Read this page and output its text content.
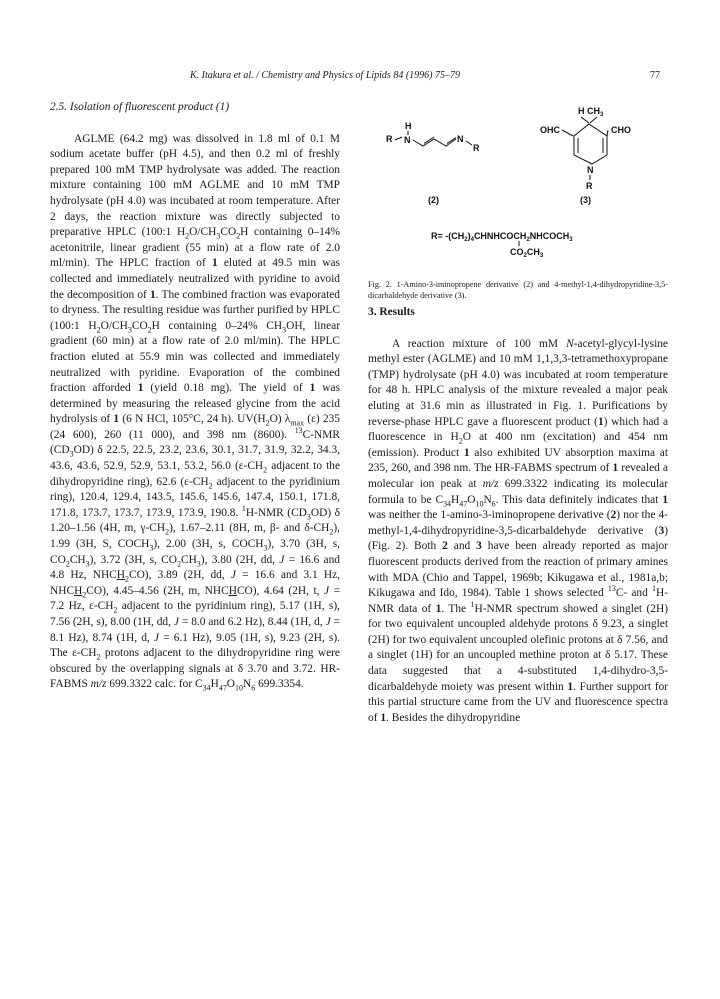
K. Itakura et al. / Chemistry and Physics of Lipids 84 (1996) 75–79	77

2.5. Isolation of fluorescent product (1)

AGLME (64.2 mg) was dissolved in 1.8 ml of 0.1 M sodium acetate buffer (pH 4.5), and then 0.2 ml of freshly prepared 100 mM TMP hydrolysate was added. The reaction mixture containing 100 mM AGLME and 10 mM TMP hydrolysate (pH 4.0) was incubated at room temperature. After 2 days, the reaction mixture was directly subjected to preparative HPLC (100:1 $H_2O/CH_3CO_2H$ containing 0–14% acetonitrile, linear gradient (55 min) at a flow rate of 2.0 ml/min). The HPLC fraction of 1 eluted at 49.5 min was collected and immediately neutralized with pyridine to avoid the decomposition of 1. The combined fraction was evaporated to dryness. The resulting residue was further purified by HPLC (100:1 $H_2O/CH_3CO_2H$ containing 0–24% $CH_3OH$, linear gradient (60 min) at a flow rate of 2.0 ml/min). The HPLC fraction eluted at 55.9 min was collected and immediately neutralized with pyridine. Evaporation of the combined fraction afforded 1 (yield 0.18 mg). The yield of 1 was determined by measuring the released glycine from the acid hydrolysis of 1 (6 N HCl, 105°C, 24 h). $UV(H_2O)$ $\lambda_{max}$ (ε) 235 (24 600), 260 (11 000), and 398 nm (8600). $^{13}$C-NMR $(CD_3OD)$ δ 22.5, 22.5, 23.2, 23.6, 30.1, 31.7, 31.9, 32.2, 34.3, 43.6, 43.6, 52.9, 52.9, 53.1, 53.2, 56.0 ($\varepsilon-CH_2$ adjacent to the dihydropyridine ring), 62.6 ($\varepsilon-CH_2$ adjacent to the pyridinium ring), 120.4, 129.4, 143.5, 145.6, 145.6, 147.4, 150.1, 171.8, 171.8, 173.7, 173.7, 173.9, 173.9, 190.8. $^1$H-NMR $(CD_3OD)$ δ 1.20–1.56 (4H, m, $\gamma-CH_2$), 1.67–2.11 (8H, m, β- and $\delta-CH_2$), 1.99 (3H, S, $COCH_3$), 2.00 (3H, s, $COCH_3$), 3.70 (3H, s, $CO_2CH_3$), 3.72 (3H, s, $CO_2CH_3$), 3.80 (2H, dd, J = 16.6 and 4.8 Hz, $NHCH_2CO$), 3.89 (2H, dd, J = 16.6 and 3.1 Hz, $NHCH_2CO$), 4.45–4.56 (2H, m, NHCHCO), 4.64 (2H, t, J = 7.2 Hz, $\varepsilon-CH_2$ adjacent to the pyridinium ring), 5.17 (1H, s), 7.56 (2H, s), 8.00 (1H, dd, J = 8.0 and 6.2 Hz), 8.44 (1H, d, J = 8.1 Hz), 8.74 (1H, d, J = 6.1 Hz), 9.05 (1H, s), 9.23 (2H, s). The $\varepsilon-CH_2$ protons adjacent to the dihydropyridine ring were obscured by the overlapping signals at δ 3.70 and 3.72. HR-FABMS m/z 699.3322 calc. for $C_{34}H_{47}O_{10}N_6$ 699.3354.

H
R N	N
R
(2)
H $CH_3$
OHC	CHO
N
R
(3)
$R= -(CH_2)_4CHNHCOCH_2NHCOCH_3$
$CO_2CH_3$
Fig. 2. 1-Amino-3-iminopropene derivative (2) and 4-methyl-1,4-dihydropyridine-3,5-dicarbaldehyde derivative (3).

3. Results

A reaction mixture of 100 mM N-acetyl-glycyl-lysine methyl ester (AGLME) and 10 mM 1,1,3,3-tetramethoxypropane (TMP) hydrolysate (pH 4.0) was incubated at room temperature for 48 h. HPLC analysis of the mixture revealed a major peak eluting at 31.6 min as illustrated in Fig. 1. Purifications by reverse-phase HPLC gave a fluorescent product (1) which had a fluorescence in $H_2O$ at 400 nm (excitation) and 454 nm (emission). Product 1 also exhibited UV absorption maxima at 235, 260, and 398 nm. The HR-FABMS spectrum of 1 revealed a molecular ion peak at m/z 699.3322 indicating its molecular formula to be $C_{34}H_{47}O_{10}N_6$. This data definitely indicates that 1 was neither the 1-amino-3-iminopropene derivative (2) nor the 4-methyl-1,4-dihydropyridine-3,5-dicarbaldehyde derivative (3) (Fig. 2). Both 2 and 3 have been already reported as major fluorescent products derived from the reaction of primary amines with MDA (Chio and Tappel, 1969b; Kikugawa et al., 1981a,b; Kikugawa and Ido, 1984). Table 1 shows selected $^{13}$C- and $^1$H-NMR data of 1. The $^1$H-NMR spectrum showed a singlet (2H) for two equivalent uncoupled aldehyde protons δ 9.23, a singlet (2H) for two equivalent uncoupled olefinic protons at δ 7.56, and a singlet (1H) for an uncoupled methine proton at δ 5.17. These data suggested that a 4-substituted 1,4-dihydro-3,5-dicarbaldehyde moiety was present within 1. Further support for this partial structure came from the UV and fluorescence spectra of 1. Besides the dihydropyridine
